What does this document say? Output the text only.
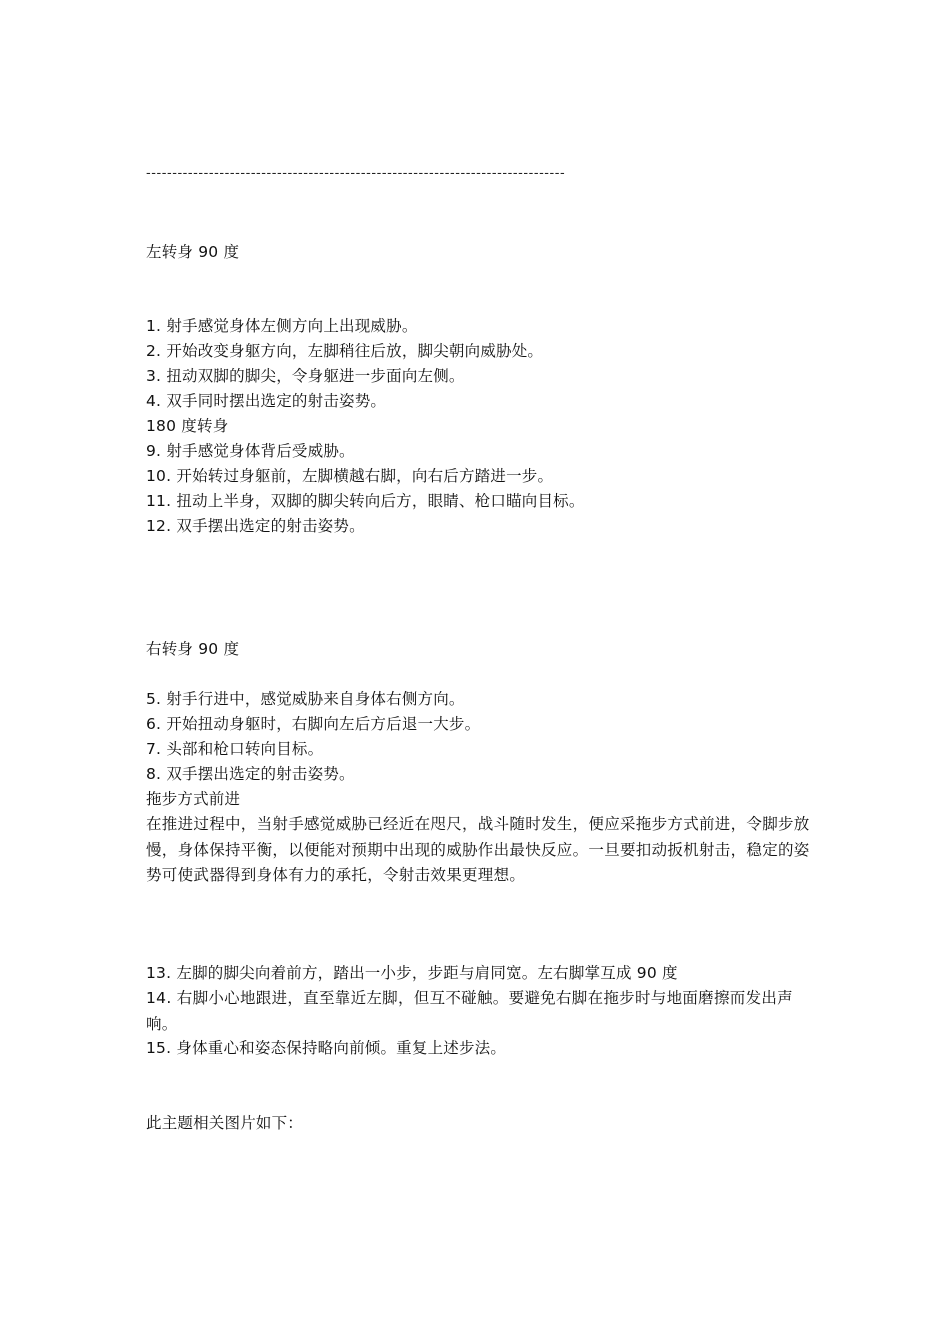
--------------------------------------------------------------------------------
左转身 90 度
1. 射手感觉身体左侧方向上出现威胁。
2. 开始改变身躯方向，左脚稍往后放，脚尖朝向威胁处。
3. 扭动双脚的脚尖，令身躯进一步面向左侧。
4. 双手同时摆出选定的射击姿势。
180 度转身
9. 射手感觉身体背后受威胁。
10. 开始转过身躯前，左脚横越右脚，向右后方踏进一步。
11. 扭动上半身，双脚的脚尖转向后方，眼睛、枪口瞄向目标。
12. 双手摆出选定的射击姿势。
右转身 90 度
5. 射手行进中，感觉威胁来自身体右侧方向。
6. 开始扭动身躯时，右脚向左后方后退一大步。
7. 头部和枪口转向目标。
8. 双手摆出选定的射击姿势。
拖步方式前进
在推进过程中，当射手感觉威胁已经近在咫尺，战斗随时发生，便应采拖步方式前进，令脚步放慢，身体保持平衡，以便能对预期中出现的威胁作出最快反应。一旦要扣动扳机射击，稳定的姿势可使武器得到身体有力的承托，令射击效果更理想。
13. 左脚的脚尖向着前方，踏出一小步，步距与肩同宽。左右脚掌互成 90 度
14. 右脚小心地跟进，直至靠近左脚，但互不碰触。要避免右脚在拖步时与地面磨擦而发出声响。
15. 身体重心和姿态保持略向前倾。重复上述步法。
此主题相关图片如下：
